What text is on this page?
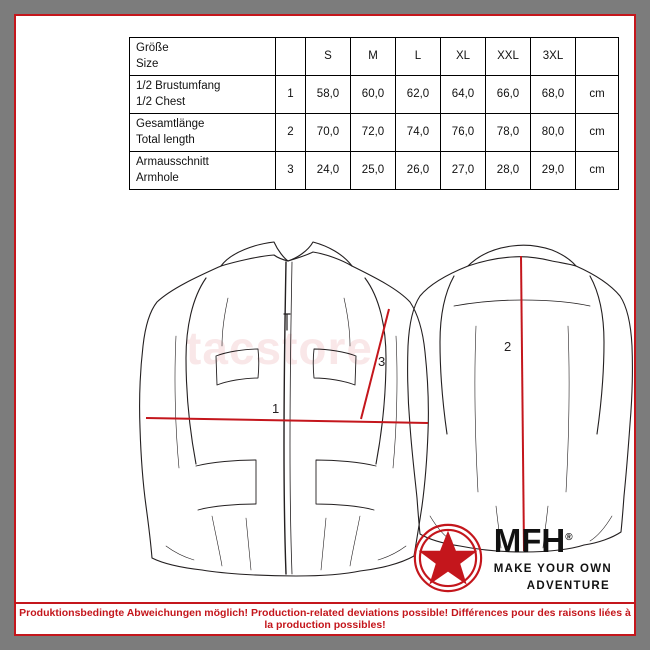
Größe
Size		S	M	L	XL	XXL	3XL	
1/2 Brustumfang
1/2 Chest	1	58,0	60,0	62,0	64,0	66,0	68,0	cm
Gesamtlänge
Total length	2	70,0	72,0	74,0	76,0	78,0	80,0	cm
Armausschnitt
Armhole	3	24,0	25,0	26,0	27,0	28,0	29,0	cm
tacstore
1
3
2
MFH®
MAKE YOUR OWN
ADVENTURE
Produktionsbedingte Abweichungen möglich! Production-related deviations possible! Différences pour des raisons liées à la production possibles!
